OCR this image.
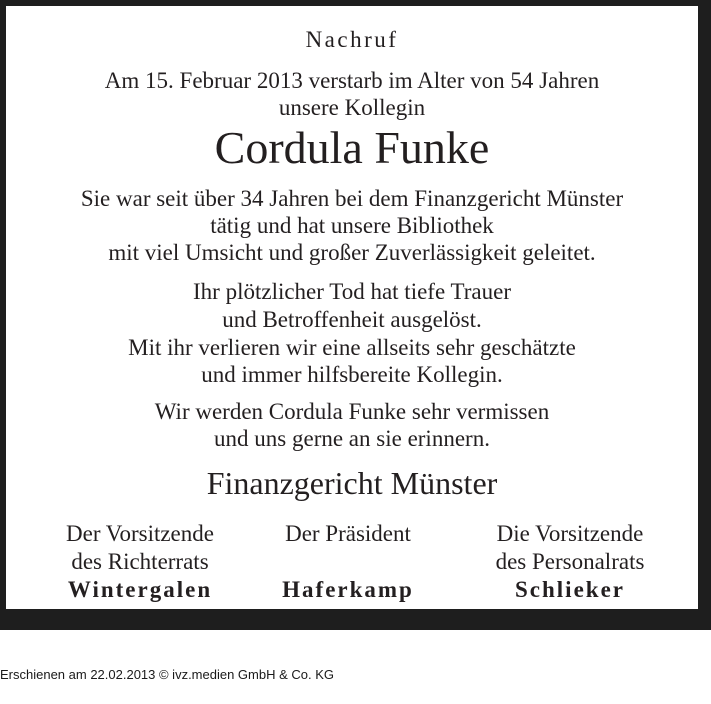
Nachruf
Am 15. Februar 2013 verstarb im Alter von 54 Jahren
unsere Kollegin
Cordula Funke
Sie war seit über 34 Jahren bei dem Finanzgericht Münster
tätig und hat unsere Bibliothek
mit viel Umsicht und großer Zuverlässigkeit geleitet.
Ihr plötzlicher Tod hat tiefe Trauer
und Betroffenheit ausgelöst.
Mit ihr verlieren wir eine allseits sehr geschätzte
und immer hilfsbereite Kollegin.
Wir werden Cordula Funke sehr vermissen
und uns gerne an sie erinnern.
Finanzgericht Münster
Der Vorsitzende
des Richterrats
Wintergalen
Der Präsident
Haferkamp
Die Vorsitzende
des Personalrats
Schlieker
Erschienen am 22.02.2013 © ivz.medien GmbH & Co. KG
